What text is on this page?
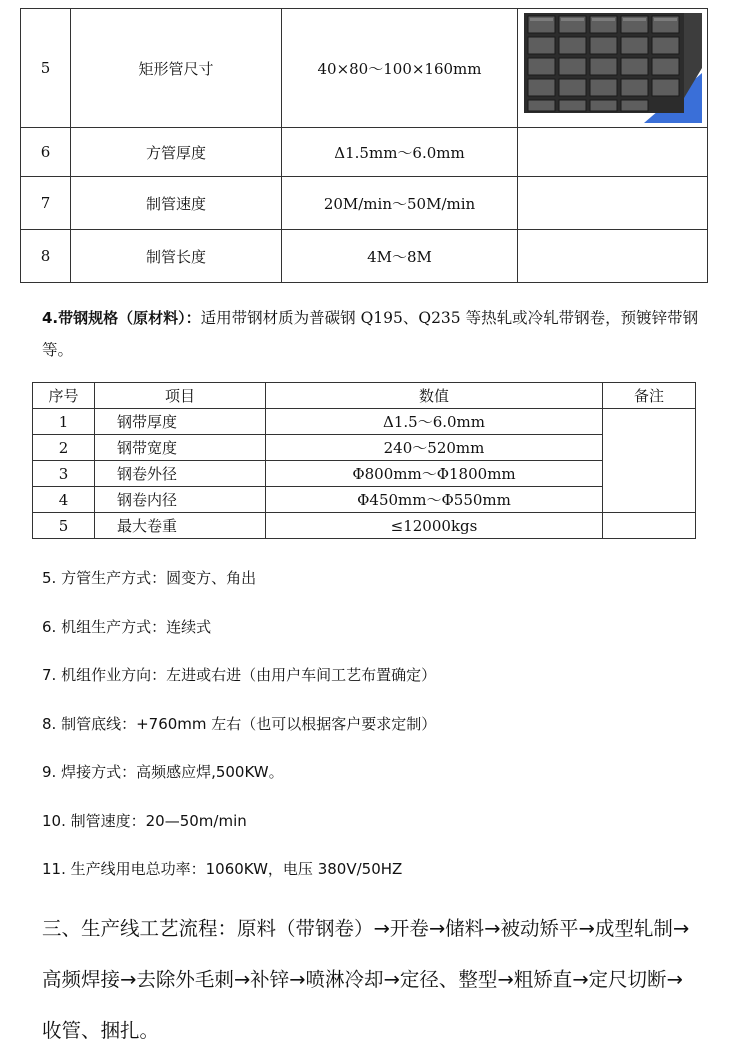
5	矩形管尺寸	40×80～100×160mm	

6	方管厚度	Δ1.5mm～6.0mm	
7	制管速度	20M/min～50M/min	
8	制管长度	4M～8M	
4.带钢规格（原材料）：适用带钢材质为普碳钢 Q195、Q235 等热轧或冷轧带钢卷，预镀锌带钢等。
序号	项目	数值	备注
1	钢带厚度	Δ1.5～6.0mm	
2	钢带宽度	240～520mm	
3	钢卷外径	Φ800mm～Φ1800mm	
4	钢卷内径	Φ450mm～Φ550mm	
5	最大卷重	≤12000kgs	
5. 方管生产方式：圆变方、角出
6. 机组生产方式：连续式
7. 机组作业方向：左进或右进（由用户车间工艺布置确定）
8. 制管底线：+760mm 左右（也可以根据客户要求定制）
9. 焊接方式：高频感应焊,500KW。
10. 制管速度：20—50m/min
11. 生产线用电总功率：1060KW，电压 380V/50HZ
三、生产线工艺流程：原料（带钢卷）→开卷→储料→被动矫平→成型轧制→高频焊接→去除外毛刺→补锌→喷淋冷却→定径、整型→粗矫直→定尺切断→收管、捆扎。
